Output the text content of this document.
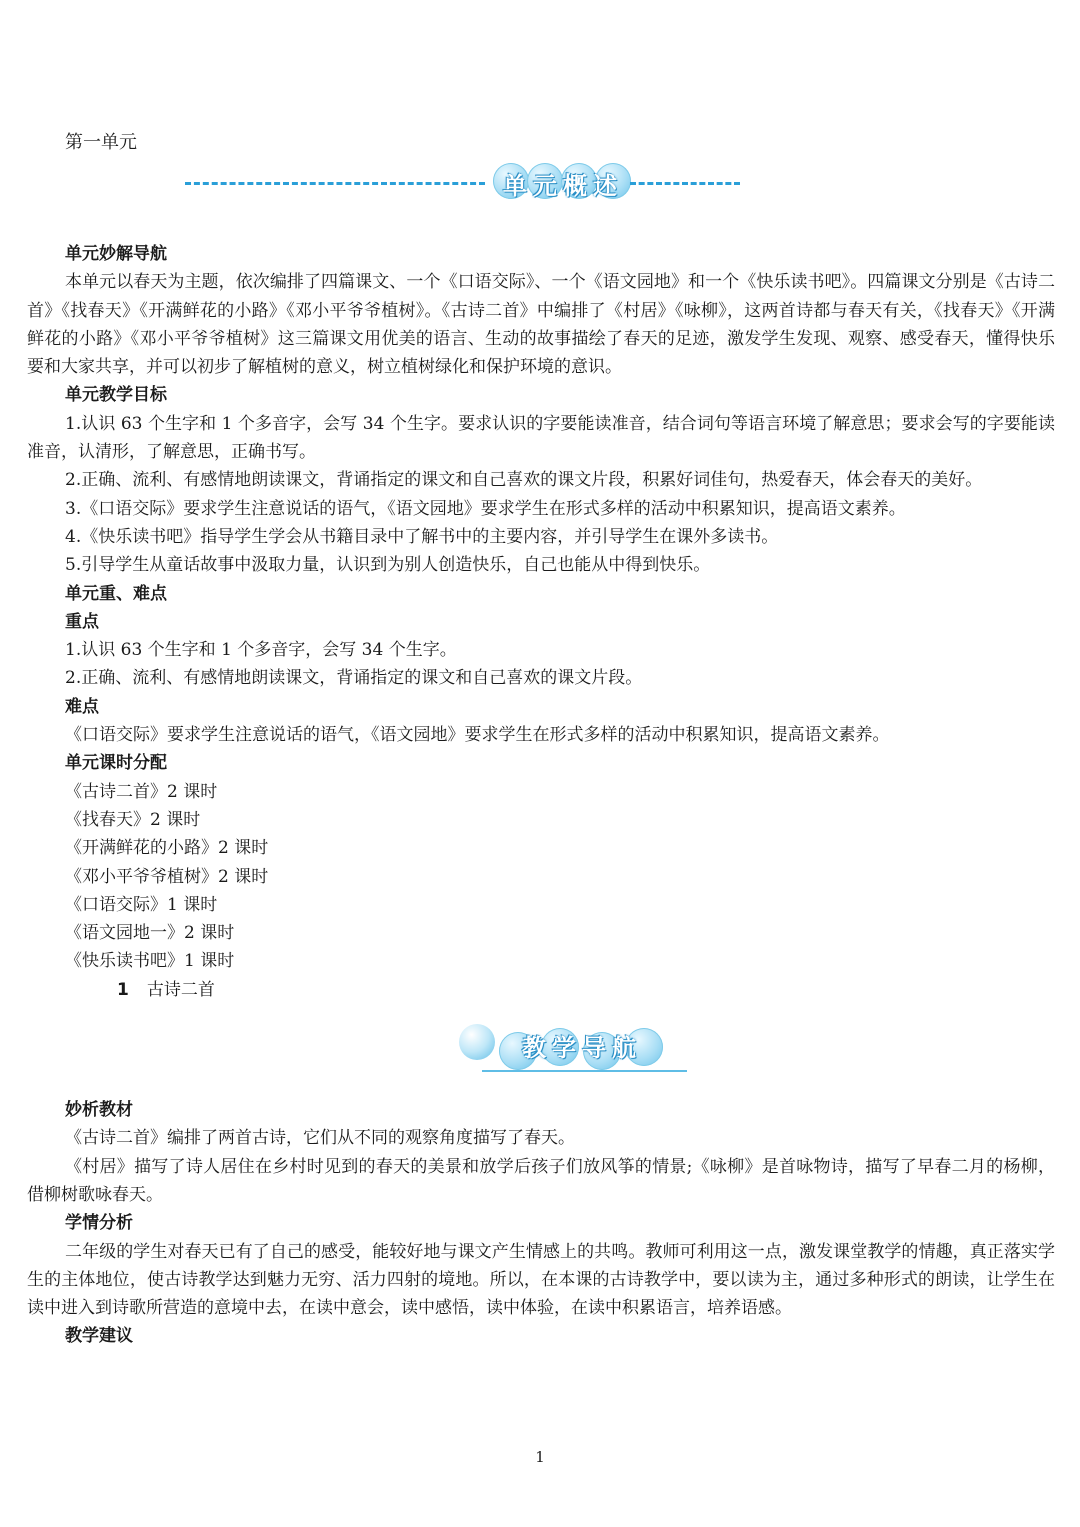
第一单元
单元概述

单元妙解导航

本单元以春天为主题，依次编排了四篇课文、一个《口语交际》、一个《语文园地》和一个《快乐读书吧》。四篇课文分别是《古诗二首》《找春天》《开满鲜花的小路》《邓小平爷爷植树》。《古诗二首》中编排了《村居》《咏柳》，这两首诗都与春天有关，《找春天》《开满鲜花的小路》《邓小平爷爷植树》这三篇课文用优美的语言、生动的故事描绘了春天的足迹，激发学生发现、观察、感受春天，懂得快乐要和大家共享，并可以初步了解植树的意义，树立植树绿化和保护环境的意识。

单元教学目标

1.认识 63 个生字和 1 个多音字，会写 34 个生字。要求认识的字要能读准音，结合词句等语言环境了解意思；要求会写的字要能读准音，认清形，了解意思，正确书写。

2.正确、流利、有感情地朗读课文，背诵指定的课文和自己喜欢的课文片段，积累好词佳句，热爱春天，体会春天的美好。

3.《口语交际》要求学生注意说话的语气，《语文园地》要求学生在形式多样的活动中积累知识，提高语文素养。

4.《快乐读书吧》指导学生学会从书籍目录中了解书中的主要内容，并引导学生在课外多读书。

5.引导学生从童话故事中汲取力量，认识到为别人创造快乐，自己也能从中得到快乐。

单元重、难点

重点

1.认识 63 个生字和 1 个多音字，会写 34 个生字。

2.正确、流利、有感情地朗读课文，背诵指定的课文和自己喜欢的课文片段。

难点

《口语交际》要求学生注意说话的语气，《语文园地》要求学生在形式多样的活动中积累知识，提高语文素养。

单元课时分配

《古诗二首》2 课时

《找春天》2 课时

《开满鲜花的小路》2 课时

《邓小平爷爷植树》2 课时

《口语交际》1 课时

《语文园地一》2 课时

《快乐读书吧》1 课时

1 古诗二首

教学导航

妙析教材

《古诗二首》编排了两首古诗，它们从不同的观察角度描写了春天。

《村居》描写了诗人居住在乡村时见到的春天的美景和放学后孩子们放风筝的情景;《咏柳》是首咏物诗，描写了早春二月的杨柳，借柳树歌咏春天。

学情分析

二年级的学生对春天已有了自己的感受，能较好地与课文产生情感上的共鸣。教师可利用这一点，激发课堂教学的情趣，真正落实学生的主体地位，使古诗教学达到魅力无穷、活力四射的境地。所以，在本课的古诗教学中，要以读为主，通过多种形式的朗读，让学生在读中进入到诗歌所营造的意境中去，在读中意会，读中感悟，读中体验，在读中积累语言，培养语感。

教学建议

1
